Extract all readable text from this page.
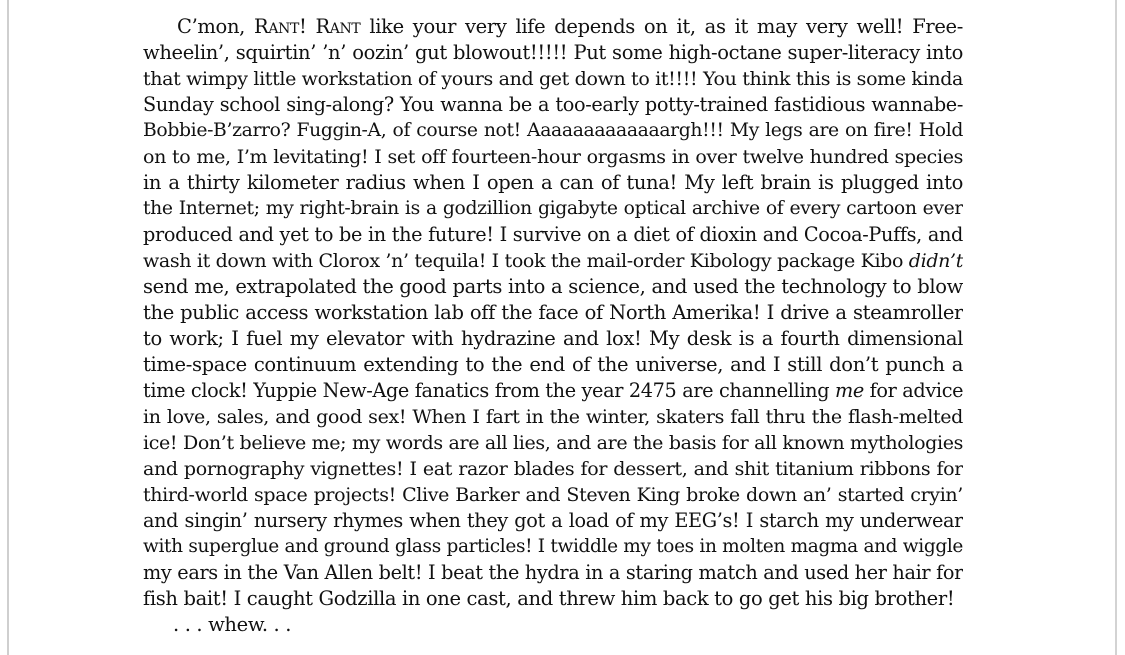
C’mon, Rant! Rant like your very life depends on it, as it may very well! Free-
wheelin’, squirtin’ ’n’ oozin’ gut blowout!!!!! Put some high-octane super-literacy into
that wimpy little workstation of yours and get down to it!!!! You think this is some kinda
Sunday school sing-along? You wanna be a too-early potty-trained fastidious wannabe-
Bobbie-B’zarro? Fuggin-A, of course not! Aaaaaaaaaaaaargh!!! My legs are on fire! Hold
on to me, I’m levitating! I set off fourteen-hour orgasms in over twelve hundred species
in a thirty kilometer radius when I open a can of tuna! My left brain is plugged into
the Internet; my right-brain is a godzillion gigabyte optical archive of every cartoon ever
produced and yet to be in the future! I survive on a diet of dioxin and Cocoa-Puffs, and
wash it down with Clorox ’n’ tequila! I took the mail-order Kibology package Kibo didn’t
send me, extrapolated the good parts into a science, and used the technology to blow
the public access workstation lab off the face of North Amerika! I drive a steamroller
to work; I fuel my elevator with hydrazine and lox! My desk is a fourth dimensional
time-space continuum extending to the end of the universe, and I still don’t punch a
time clock! Yuppie New-Age fanatics from the year 2475 are channelling me for advice
in love, sales, and good sex! When I fart in the winter, skaters fall thru the flash-melted
ice! Don’t believe me; my words are all lies, and are the basis for all known mythologies
and pornography vignettes! I eat razor blades for dessert, and shit titanium ribbons for
third-world space projects! Clive Barker and Steven King broke down an’ started cryin’
and singin’ nursery rhymes when they got a load of my EEG’s! I starch my underwear
with superglue and ground glass particles! I twiddle my toes in molten magma and wiggle
my ears in the Van Allen belt! I beat the hydra in a staring match and used her hair for
fish bait! I caught Godzilla in one cast, and threw him back to go get his big brother!
. . . whew. . .
